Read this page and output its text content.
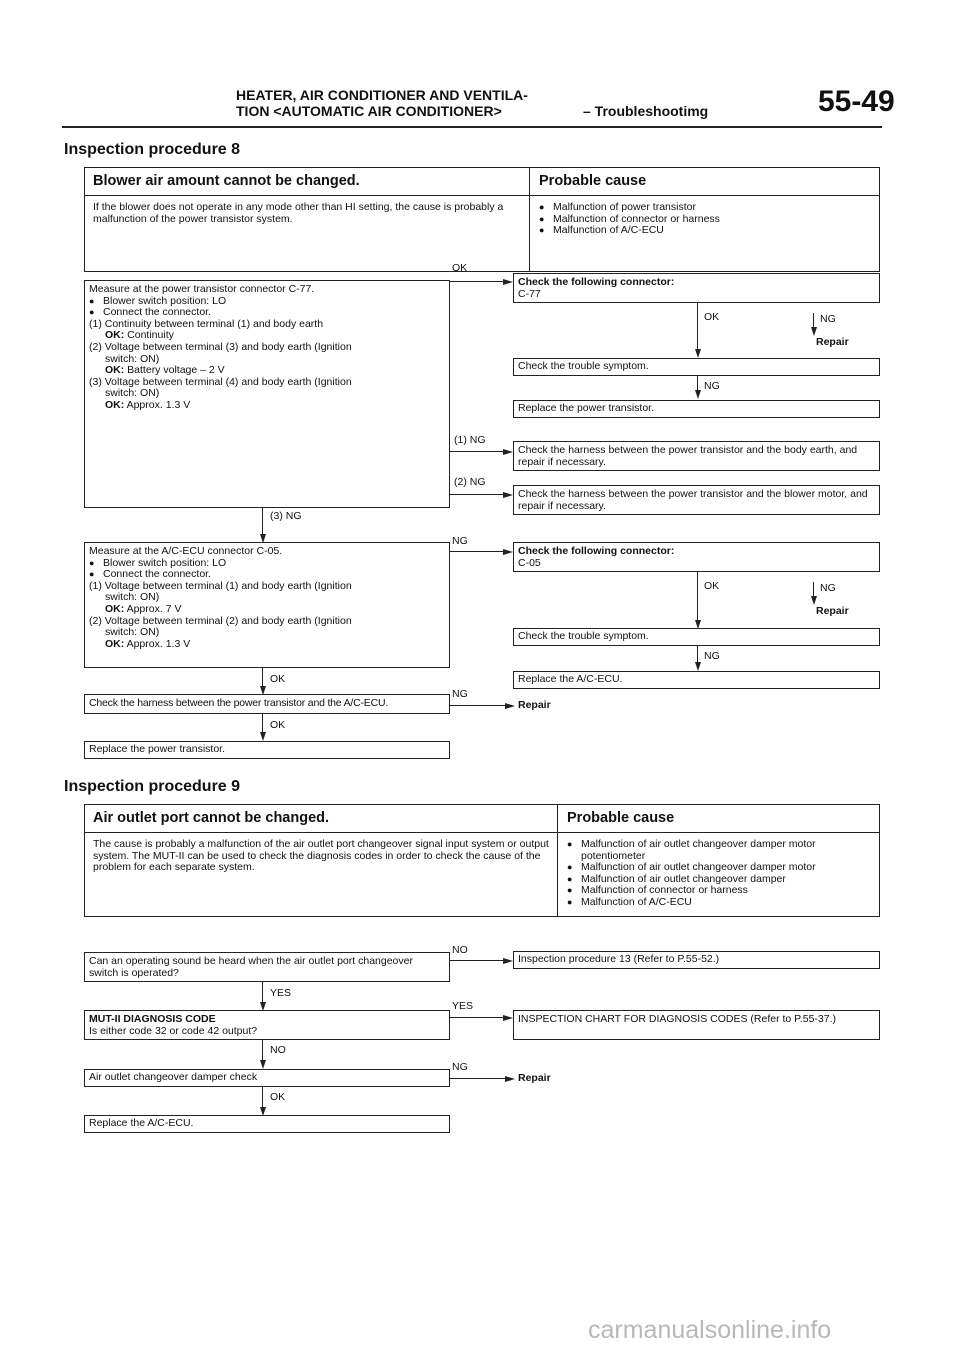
HEATER, AIR CONDITIONER AND VENTILA-
TION <AUTOMATIC AIR CONDITIONER>	– Troubleshootimg	55-49
Inspection procedure 8
Blower air amount cannot be changed.	Probable cause
If the blower does not operate in any mode other than HI setting, the cause is probably a malfunction of the power transistor system.
● Malfunction of power transistor
● Malfunction of connector or harness
● Malfunction of A/C-ECU
Measure at the power transistor connector C-77.
● Blower switch position: LO
● Connect the connector.
(1) Continuity between terminal (1) and body earth
OK: Continuity
(2) Voltage between terminal (3) and body earth (Ignition
switch: ON)
OK: Battery voltage – 2 V
(3) Voltage between terminal (4) and body earth (Ignition
switch: ON)
OK: Approx. 1.3 V
OK
Check the following connector:
C-77
OK	NG
Repair
Check the trouble symptom.
NG
Replace the power transistor.
(1) NG
Check the harness between the power transistor and the body earth, and repair if necessary.
(2) NG
Check the harness between the power transistor and the blower motor, and repair if necessary.
(3) NG
Measure at the A/C-ECU connector C-05.
● Blower switch position: LO
● Connect the connector.
(1) Voltage between terminal (1) and body earth (Ignition
switch: ON)
OK: Approx. 7 V
(2) Voltage between terminal (2) and body earth (Ignition
switch: ON)
OK: Approx. 1.3 V
NG
Check the following connector:
C-05
OK	NG
Repair
Check the trouble symptom.
NG
Replace the A/C-ECU.
OK
Check the harness between the power transistor and the A/C-ECU.
NG
Repair
OK
Replace the power transistor.
Inspection procedure 9
Air outlet port cannot be changed.	Probable cause
The cause is probably a malfunction of the air outlet port changeover signal input system or output system. The MUT-II can be used to check the diagnosis codes in order to check the cause of the problem for each separate system.
● Malfunction of air outlet changeover damper motor potentiometer
● Malfunction of air outlet changeover damper motor
● Malfunction of air outlet changeover damper
● Malfunction of connector or harness
● Malfunction of A/C-ECU
Can an operating sound be heard when the air outlet port changeover switch is operated?
NO
Inspection procedure 13 (Refer to P.55-52.)
YES
MUT-II DIAGNOSIS CODE
Is either code 32 or code 42 output?
YES
INSPECTION CHART FOR DIAGNOSIS CODES (Refer to P.55-37.)
NO
Air outlet changeover damper check
NG
Repair
OK
Replace the A/C-ECU.
carmanualsonline.info
